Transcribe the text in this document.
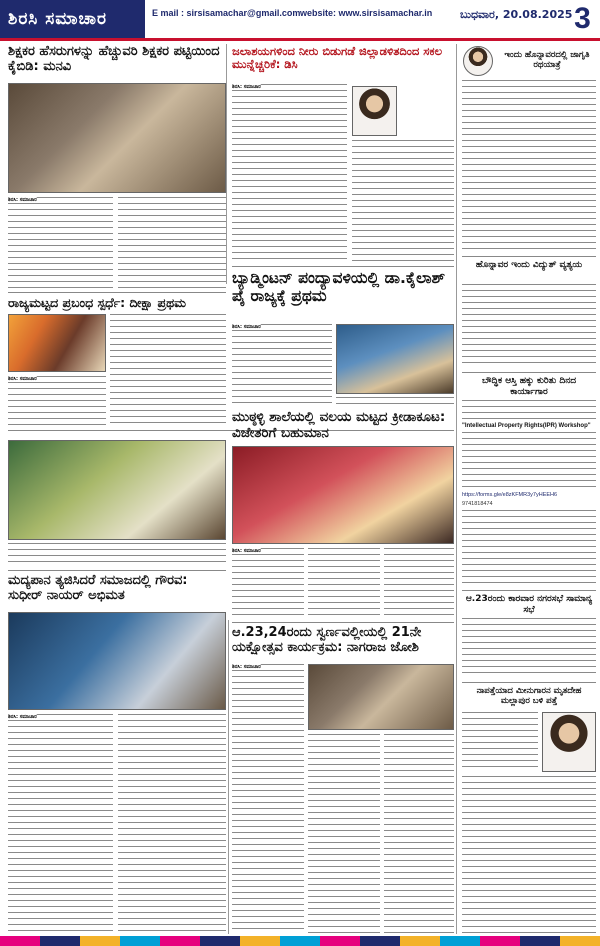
ಶಿರಸಿ ಸಮಾಚಾರ	E mail : sirsisamachar@gmail.com website: www.sirsisamachar.in	ಬುಧವಾರ, 20.08.2025 3
ಶಿಕ್ಷಕರ ಹೆಸರುಗಳನ್ನು ಹೆಚ್ಚುವರಿ ಶಿಕ್ಷಕರ ಪಟ್ಟಿಯಿಂದ ಕೈಬಿಡಿ: ಮನವಿ
ಶಿರಸಿ: ಸಮಾಚಾರ
ಜಲಾಶಯಗಳಿಂದ ನೀರು ಬಿಡುಗಡೆ ಜಿಲ್ಲಾಡಳಿತದಿಂದ ಸಕಲ ಮುನ್ನೆಚ್ಚರಿಕೆ: ಡಿಸಿ
ಶಿರಸಿ: ಸಮಾಚಾರ
ಬ್ಯಾಡ್ಮಿಂಟನ್ ಪಂದ್ಯಾವಳಿಯಲ್ಲಿ ಡಾ.ಕೈಲಾಶ್ ಪೈ ರಾಜ್ಯಕ್ಕೆ ಪ್ರಥಮ
ಶಿರಸಿ: ಸಮಾಚಾರ
ರಾಜ್ಯಮಟ್ಟದ ಪ್ರಬಂಧ ಸ್ಪರ್ಧೆ: ದೀಕ್ಷಾ ಪ್ರಥಮ
ಶಿರಸಿ: ಸಮಾಚಾರ
ಮುಠ್ಠಳ್ಳಿ ಶಾಲೆಯಲ್ಲಿ ವಲಯ ಮಟ್ಟದ ಕ್ರೀಡಾಕೂಟ: ವಿಜೇತರಿಗೆ ಬಹುಮಾನ
ಶಿರಸಿ: ಸಮಾಚಾರ
ಮದ್ಯಪಾನ ತ್ಯಜಿಸಿದರೆ ಸಮಾಜದಲ್ಲಿ ಗೌರವ: ಸುಧೀರ್ ನಾಯರ್ ಅಭಿಮತ
ಶಿರಸಿ: ಸಮಾಚಾರ
ಆ.23,24ರಂದು ಸ್ವರ್ಣವಲ್ಲೀಯಲ್ಲಿ 21ನೇ ಯಕ್ಷೋತ್ಸವ ಕಾರ್ಯಕ್ರಮ: ನಾಗರಾಜ ಜೋಶಿ
ಶಿರಸಿ: ಸಮಾಚಾರ
ಇಂದು ಹೊನ್ನಾವರದಲ್ಲಿ ಜಾಗೃತಿ ರಥಯಾತ್ರೆ
ಹೊನ್ನಾವರ ಇಂದು ವಿದ್ಯುತ್ ವ್ಯತ್ಯಯ
ಬೌದ್ಧಿಕ ಆಸ್ತಿ ಹಕ್ಕು ಕುರಿತು ದಿನದ ಕಾರ್ಯಾಗಾರ
"Intellectual Property Rights(IPR) Workshop"
https://forms.gle/e8zKFMR3y7yHEEH6
9741818474
ಆ.23ರಂದು ಕಾರವಾರ ನಗರಸಭೆ ಸಾಮಾನ್ಯ ಸಭೆ
ನಾಪತ್ತೆಯಾದ ಮೀನುಗಾರನ ಮೃತದೇಹ ಮಲ್ಲಾಪುರ ಬಳಿ ಪತ್ತೆ
